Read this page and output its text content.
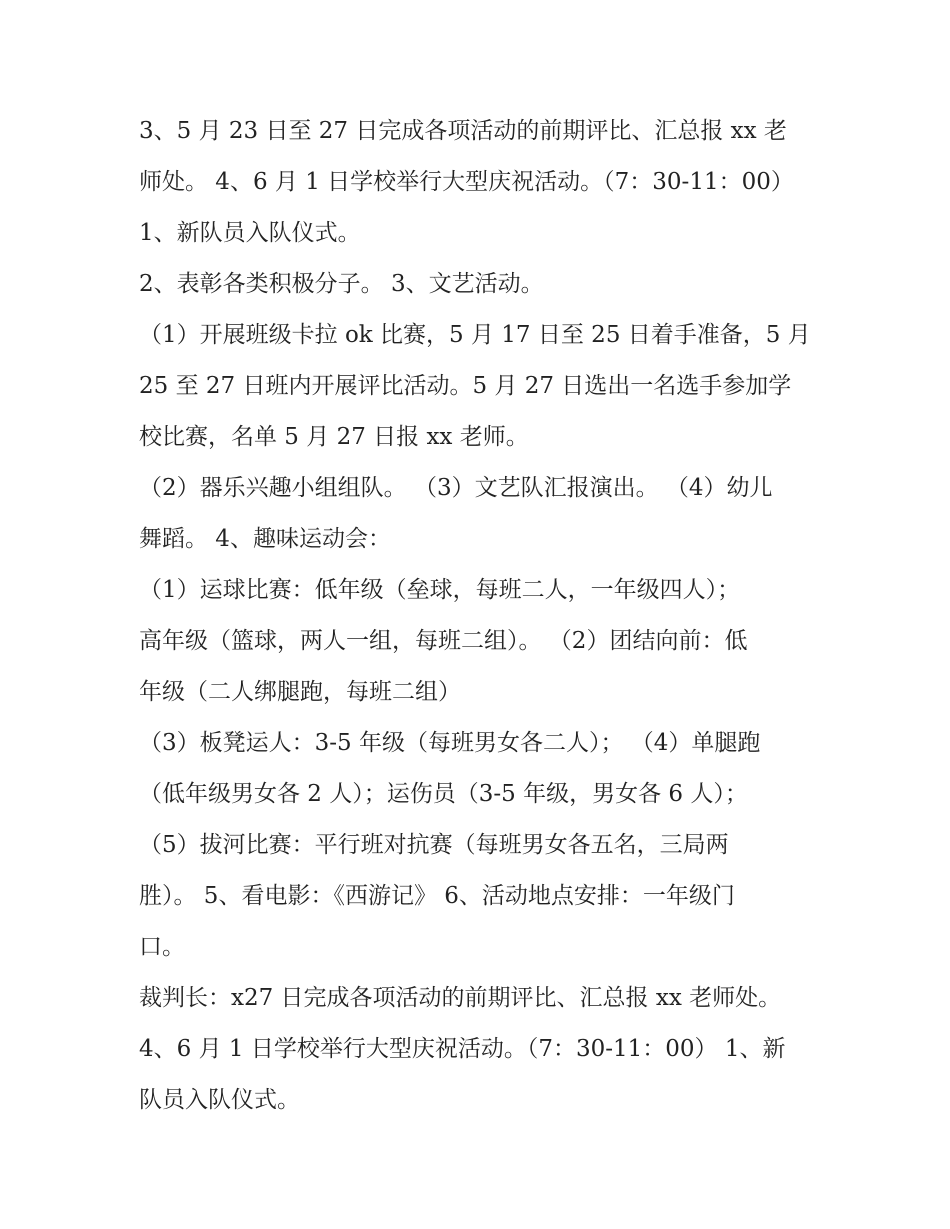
3、5 月 23 日至 27 日完成各项活动的前期评比、汇总报 xx 老
师处。 4、6 月 1 日学校举行大型庆祝活动。（7：30-11：00）
1、新队员入队仪式。
2、表彰各类积极分子。 3、文艺活动。
（1）开展班级卡拉 ok 比赛，5 月 17 日至 25 日着手准备，5 月
25 至 27 日班内开展评比活动。5 月 27 日选出一名选手参加学
校比赛，名单 5 月 27 日报 xx 老师。
（2）器乐兴趣小组组队。 （3）文艺队汇报演出。 （4）幼儿
舞蹈。 4、趣味运动会：
（1）运球比赛：低年级（垒球，每班二人，一年级四人）；
高年级（篮球，两人一组，每班二组）。 （2）团结向前：低
年级（二人绑腿跑，每班二组）
（3）板凳运人：3-5 年级（每班男女各二人）； （4）单腿跑
（低年级男女各 2 人）；运伤员（3-5 年级，男女各 6 人）；
（5）拔河比赛：平行班对抗赛（每班男女各五名，三局两
胜）。 5、看电影：《西游记》 6、活动地点安排：一年级门
口。
裁判长：x27 日完成各项活动的前期评比、汇总报 xx 老师处。
4、6 月 1 日学校举行大型庆祝活动。（7：30-11：00） 1、新
队员入队仪式。
